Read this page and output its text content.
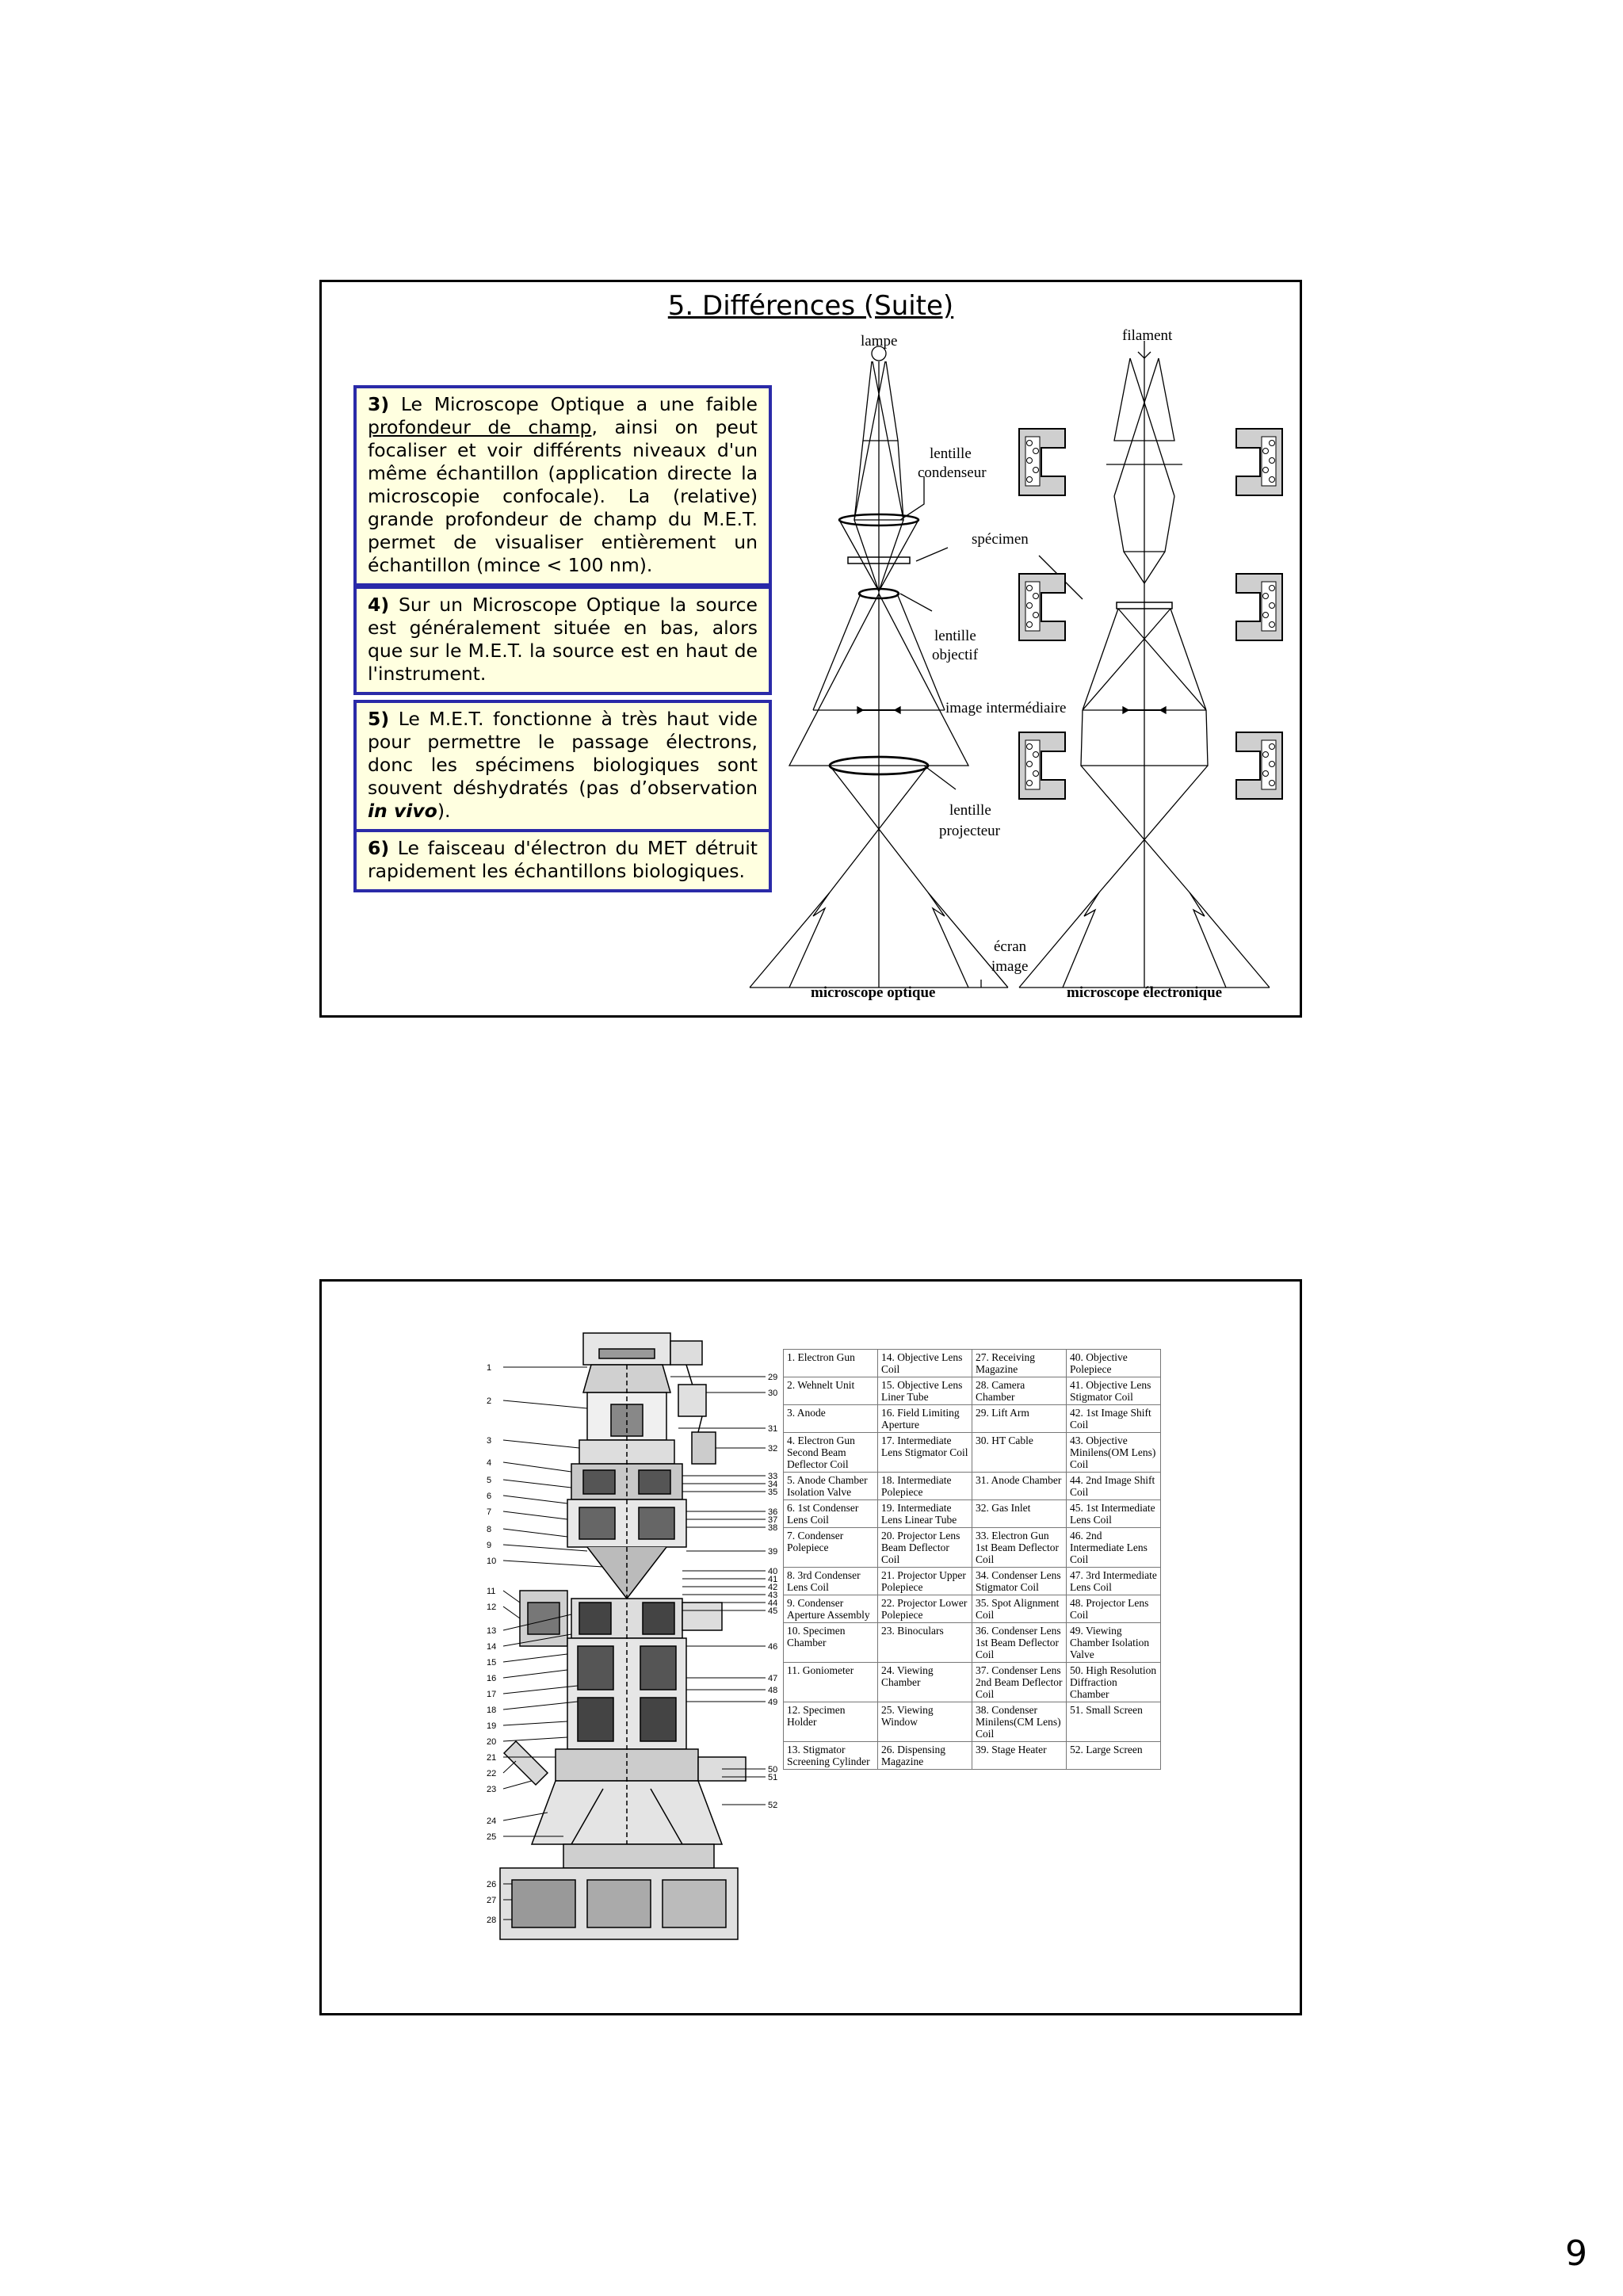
lampe	filament
lentille
condenseur
spécimen
lentille
objectif
image intermédiaire
lentille
projecteur
écran
image
microscope optique	microscope électronique
5. Différences (Suite)
3) Le Microscope Optique a une faible profondeur de champ, ainsi on peut focaliser et voir différents niveaux d'un même échantillon (application directe la microscopie confocale). La (relative) grande profondeur de champ du M.E.T. permet de visualiser entièrement un échantillon (mince < 100 nm).
4) Sur un Microscope Optique la source est généralement située en bas, alors que sur le M.E.T. la source est en haut de l'instrument.
5) Le M.E.T. fonctionne à très haut vide pour permettre le passage électrons, donc les spécimens biologiques sont souvent déshydratés (pas d’observation in vivo).
6) Le faisceau d'électron du MET détruit rapidement les échantillons biologiques.
1
2
3
4
5
6
7
8
9
10
11
12
13
14
15
16
17
18
19
20
21
22
23
24
25
26
27
28
29
30
31
32
33
34
35
36
37
38
39
40
41
42
43
44
45
46
47
48
49
50
51
52
1. Electron Gun	14. Objective Lens Coil	27. Receiving Magazine	40. Objective Polepiece
2. Wehnelt Unit	15. Objective Lens Liner Tube	28. Camera Chamber	41. Objective Lens Stigmator Coil
3. Anode	16. Field Limiting Aperture	29. Lift Arm	42. 1st Image Shift Coil
4. Electron Gun Second Beam Deflector Coil	17. Intermediate Lens Stigmator Coil	30. HT Cable	43. Objective Minilens(OM Lens) Coil
5. Anode Chamber Isolation Valve	18. Intermediate Polepiece	31. Anode Chamber	44. 2nd Image Shift Coil
6. 1st Condenser Lens Coil	19. Intermediate Lens Linear Tube	32. Gas Inlet	45. 1st Intermediate Lens Coil
7. Condenser Polepiece	20. Projector Lens Beam Deflector Coil	33. Electron Gun 1st Beam Deflector Coil	46. 2nd Intermediate Lens Coil
8. 3rd Condenser Lens Coil	21. Projector Upper Polepiece	34. Condenser Lens Stigmator Coil	47. 3rd Intermediate Lens Coil
9. Condenser Aperture Assembly	22. Projector Lower Polepiece	35. Spot Alignment Coil	48. Projector Lens Coil
10. Specimen Chamber	23. Binoculars	36. Condenser Lens 1st Beam Deflector Coil	49. Viewing Chamber Isolation Valve
11. Goniometer	24. Viewing Chamber	37. Condenser Lens 2nd Beam Deflector Coil	50. High Resolution Diffraction Chamber
12. Specimen Holder	25. Viewing Window	38. Condenser Minilens(CM Lens) Coil	51. Small Screen
13. Stigmator Screening Cylinder	26. Dispensing Magazine	39. Stage Heater	52. Large Screen
9
